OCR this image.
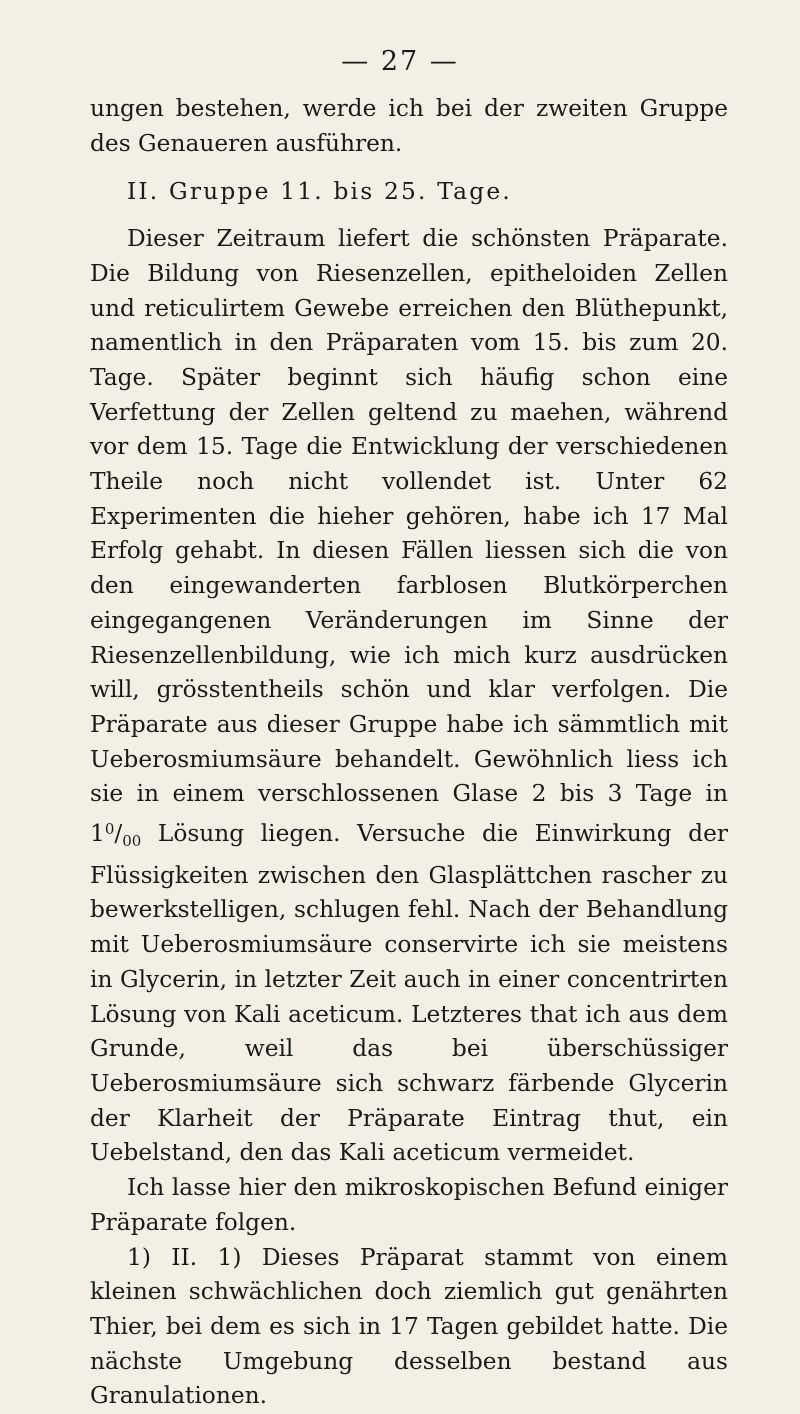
— 27 —

ungen bestehen, werde ich bei der zweiten Gruppe des Genaueren ausführen.

II. Gruppe 11. bis 25. Tage.

Dieser Zeitraum liefert die schönsten Präparate. Die Bildung von Riesenzellen, epitheloiden Zellen und reticulirtem Gewebe erreichen den Blüthepunkt, namentlich in den Präparaten vom 15. bis zum 20. Tage. Später beginnt sich häufig schon eine Verfettung der Zellen geltend zu maehen, während vor dem 15. Tage die Entwicklung der verschiedenen Theile noch nicht vollendet ist. Unter 62 Experimenten die hieher gehören, habe ich 17 Mal Erfolg gehabt. In diesen Fällen liessen sich die von den eingewanderten farblosen Blutkörperchen eingegangenen Veränderungen im Sinne der Riesenzellenbildung, wie ich mich kurz ausdrücken will, grösstentheils schön und klar verfolgen. Die Präparate aus dieser Gruppe habe ich sämmtlich mit Ueberosmiumsäure behandelt. Gewöhnlich liess ich sie in einem verschlossenen Glase 2 bis 3 Tage in $1^0/_{00}$ Lösung liegen. Versuche die Einwirkung der Flüssigkeiten zwischen den Glasplättchen rascher zu bewerkstelligen, schlugen fehl. Nach der Behandlung mit Ueberosmiumsäure conservirte ich sie meistens in Glycerin, in letzter Zeit auch in einer concentrirten Lösung von Kali aceticum. Letzteres that ich aus dem Grunde, weil das bei überschüssiger Ueberosmiumsäure sich schwarz färbende Glycerin der Klarheit der Präparate Eintrag thut, ein Uebelstand, den das Kali aceticum vermeidet.

Ich lasse hier den mikroskopischen Befund einiger Präparate folgen.

1) II. 1) Dieses Präparat stammt von einem kleinen schwächlichen doch ziemlich gut genährten Thier, bei dem es sich in 17 Tagen gebildet hatte. Die nächste Umgebung desselben bestand aus Granulationen.
